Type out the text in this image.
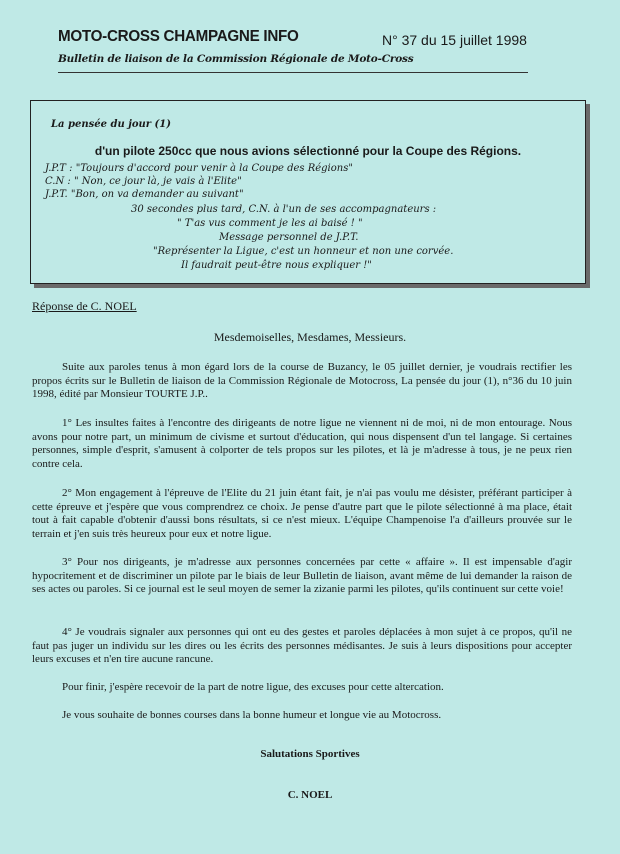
MOTO-CROSS CHAMPAGNE INFO	N° 37 du 15 juillet 1998
Bulletin de liaison de la Commission Régionale de Moto-Cross
La pensée du jour (1)
d'un pilote 250cc que nous avions sélectionné pour la Coupe des Régions.
J.P.T : "Toujours d'accord pour venir à la Coupe des Régions"
C.N : " Non, ce jour là, je vais à l'Elite"
J.P.T. "Bon, on va demander au suivant"
30 secondes plus tard, C.N. à l'un de ses accompagnateurs :
" T'as vus comment je les ai baisé ! "
Message personnel de J.P.T.
"Représenter la Ligue, c'est un honneur et non une corvée.
Il faudrait peut-être nous expliquer !"
Réponse de C. NOEL
Mesdemoiselles, Mesdames, Messieurs.
Suite aux paroles tenus à mon égard lors de la course de Buzancy, le 05 juillet dernier, je voudrais rectifier les propos écrits sur le Bulletin de liaison de la Commission Régionale de Motocross, La pensée du jour (1), n°36 du 10 juin 1998, édité par Monsieur TOURTE J.P..
1° Les insultes faites à l'encontre des dirigeants de notre ligue ne viennent ni de moi, ni de mon entourage. Nous avons pour notre part, un minimum de civisme et surtout d'éducation, qui nous dispensent d'un tel langage. Si certaines personnes, simple d'esprit, s'amusent à colporter de tels propos sur les pilotes, et là je m'adresse à tous, je ne peux rien contre cela.
2° Mon engagement à l'épreuve de l'Elite du 21 juin étant fait, je n'ai pas voulu me désister, préférant participer à cette épreuve et j'espère que vous comprendrez ce choix. Je pense d'autre part que le pilote sélectionné à ma place, était tout à fait capable d'obtenir d'aussi bons résultats, si ce n'est mieux. L'équipe Champenoise l'a d'ailleurs prouvée sur le terrain et j'en suis très heureux pour eux et notre ligue.
3° Pour nos dirigeants, je m'adresse aux personnes concernées par cette « affaire ». Il est impensable d'agir hypocritement et de discriminer un pilote par le biais de leur Bulletin de liaison, avant même de lui demander la raison de ses actes ou paroles. Si ce journal est le seul moyen de semer la zizanie parmi les pilotes, qu'ils continuent sur cette voie!
4° Je voudrais signaler aux personnes qui ont eu des gestes et paroles déplacées à mon sujet à ce propos, qu'il ne faut pas juger un individu sur les dires ou les écrits des personnes médisantes. Je suis à leurs dispositions pour accepter leurs excuses et n'en tire aucune rancune.
Pour finir, j'espère recevoir de la part de notre ligue, des excuses pour cette altercation.
Je vous souhaite de bonnes courses dans la bonne humeur et longue vie au Motocross.
Salutations Sportives
C. NOEL
